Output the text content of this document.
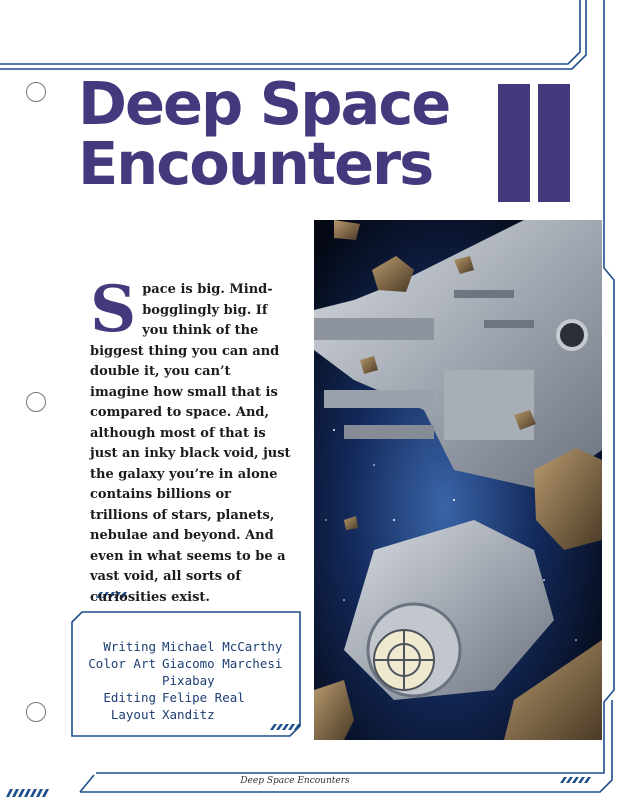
Deep Space
Encounters
S pace is big. Mind-bogglingly big. If you think of the biggest thing you can and double it, you can’t imagine how small that is compared to space. And, although most of that is just an inky black void, just the galaxy you’re in alone contains billions or trillions of stars, planets, nebulae and beyond. And even in what seems to be a vast void, all sorts of curiosities exist.
Writing Michael McCarthy
Color Art Giacomo Marchesi
Pixabay
Editing Felipe Real
Layout Xanditz
Deep Space Encounters
